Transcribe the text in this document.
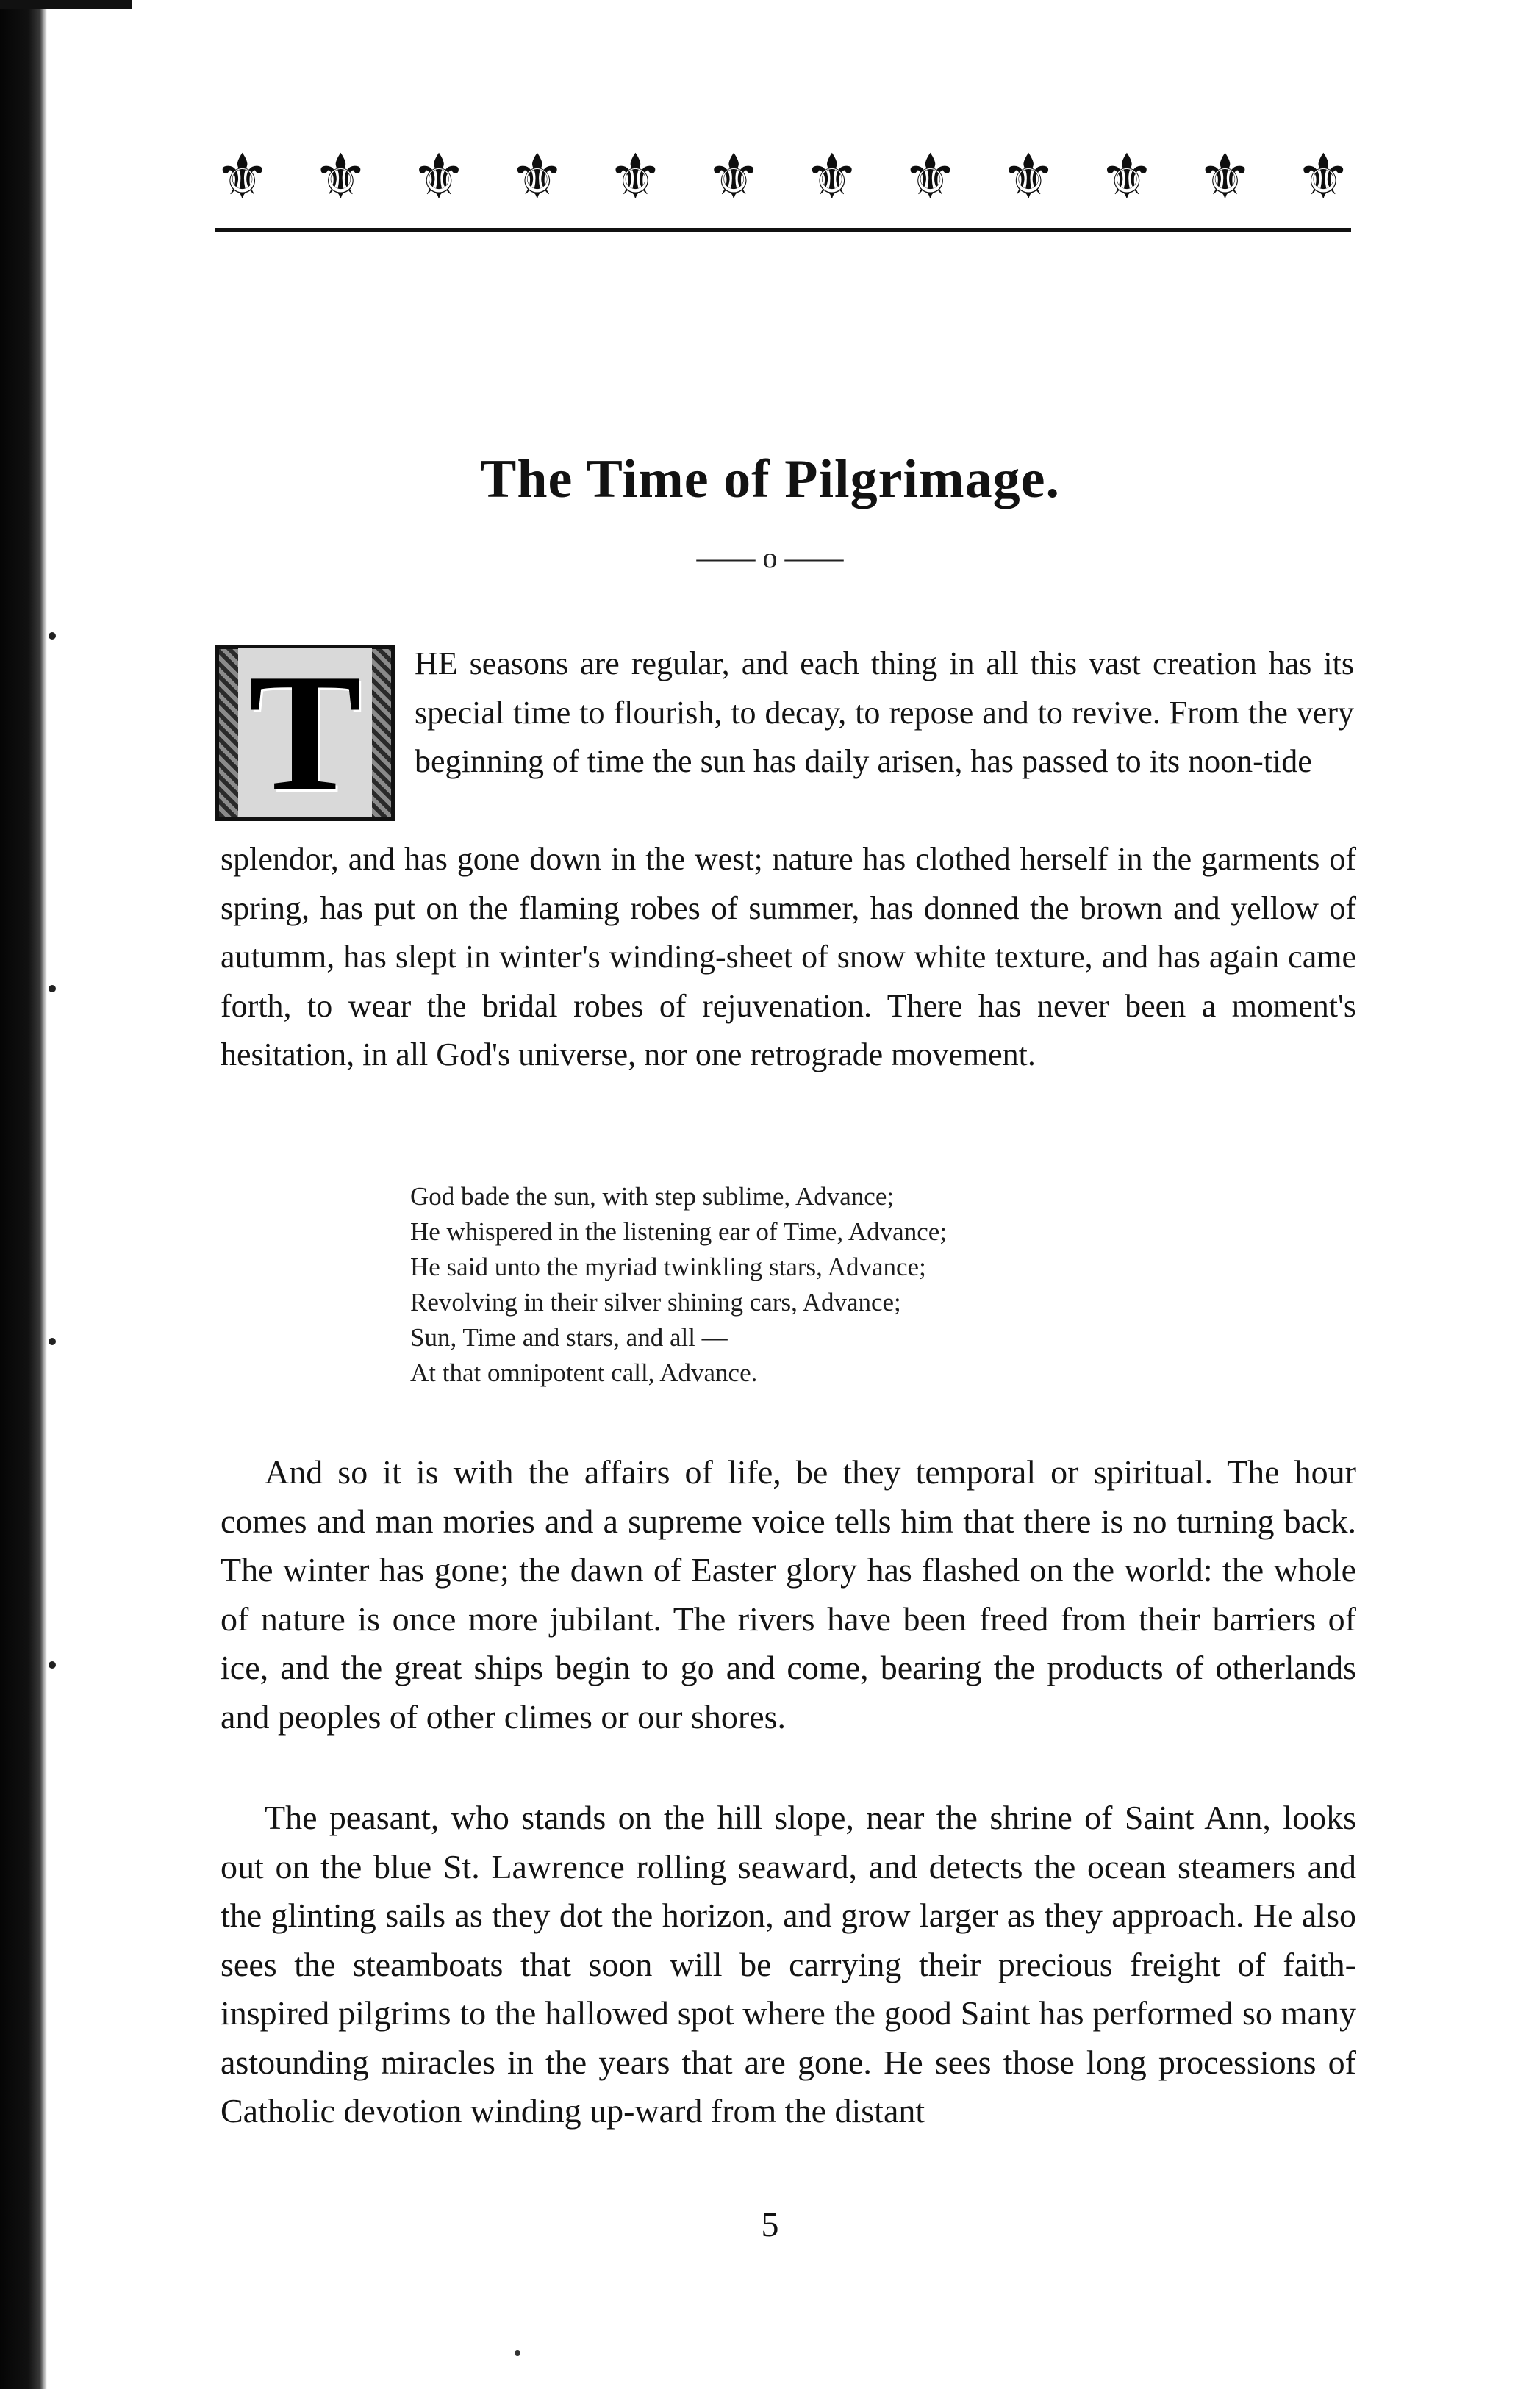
⚜ ⚜ ⚜ ⚜ ⚜ ⚜ ⚜ ⚜ ⚜ ⚜ ⚜ ⚜
The Time of Pilgrimage.
—— o ——
T	HE seasons are regular, and each thing in all this vast creation has its special time to flourish, to decay, to repose and to revive. From the very beginning of time the sun has daily arisen, has passed to its noon-tide

splendor, and has gone down in the west; nature has clothed herself in the garments of spring, has put on the flaming robes of summer, has donned the brown and yellow of autumm, has slept in winter's winding-sheet of snow white texture, and has again came forth, to wear the bridal robes of rejuvenation. There has never been a moment's hesitation, in all God's universe, nor one retrograde movement.

God bade the sun, with step sublime, Advance;
He whispered in the listening ear of Time, Advance;
He said unto the myriad twinkling stars, Advance;
Revolving in their silver shining cars, Advance;
Sun, Time and stars, and all —
At that omnipotent call, Advance.

And so it is with the affairs of life, be they temporal or spiritual. The hour comes and man mories and a supreme voice tells him that there is no turning back. The winter has gone; the dawn of Easter glory has flashed on the world: the whole of nature is once more jubilant. The rivers have been freed from their barriers of ice, and the great ships begin to go and come, bearing the products of otherlands and peoples of other climes or our shores.

The peasant, who stands on the hill slope, near the shrine of Saint Ann, looks out on the blue St. Lawrence rolling seaward, and detects the ocean steamers and the glinting sails as they dot the horizon, and grow larger as they approach. He also sees the steamboats that soon will be carrying their precious freight of faith-inspired pilgrims to the hallowed spot where the good Saint has performed so many astounding miracles in the years that are gone. He sees those long processions of Catholic devotion winding up-ward from the distant

5
